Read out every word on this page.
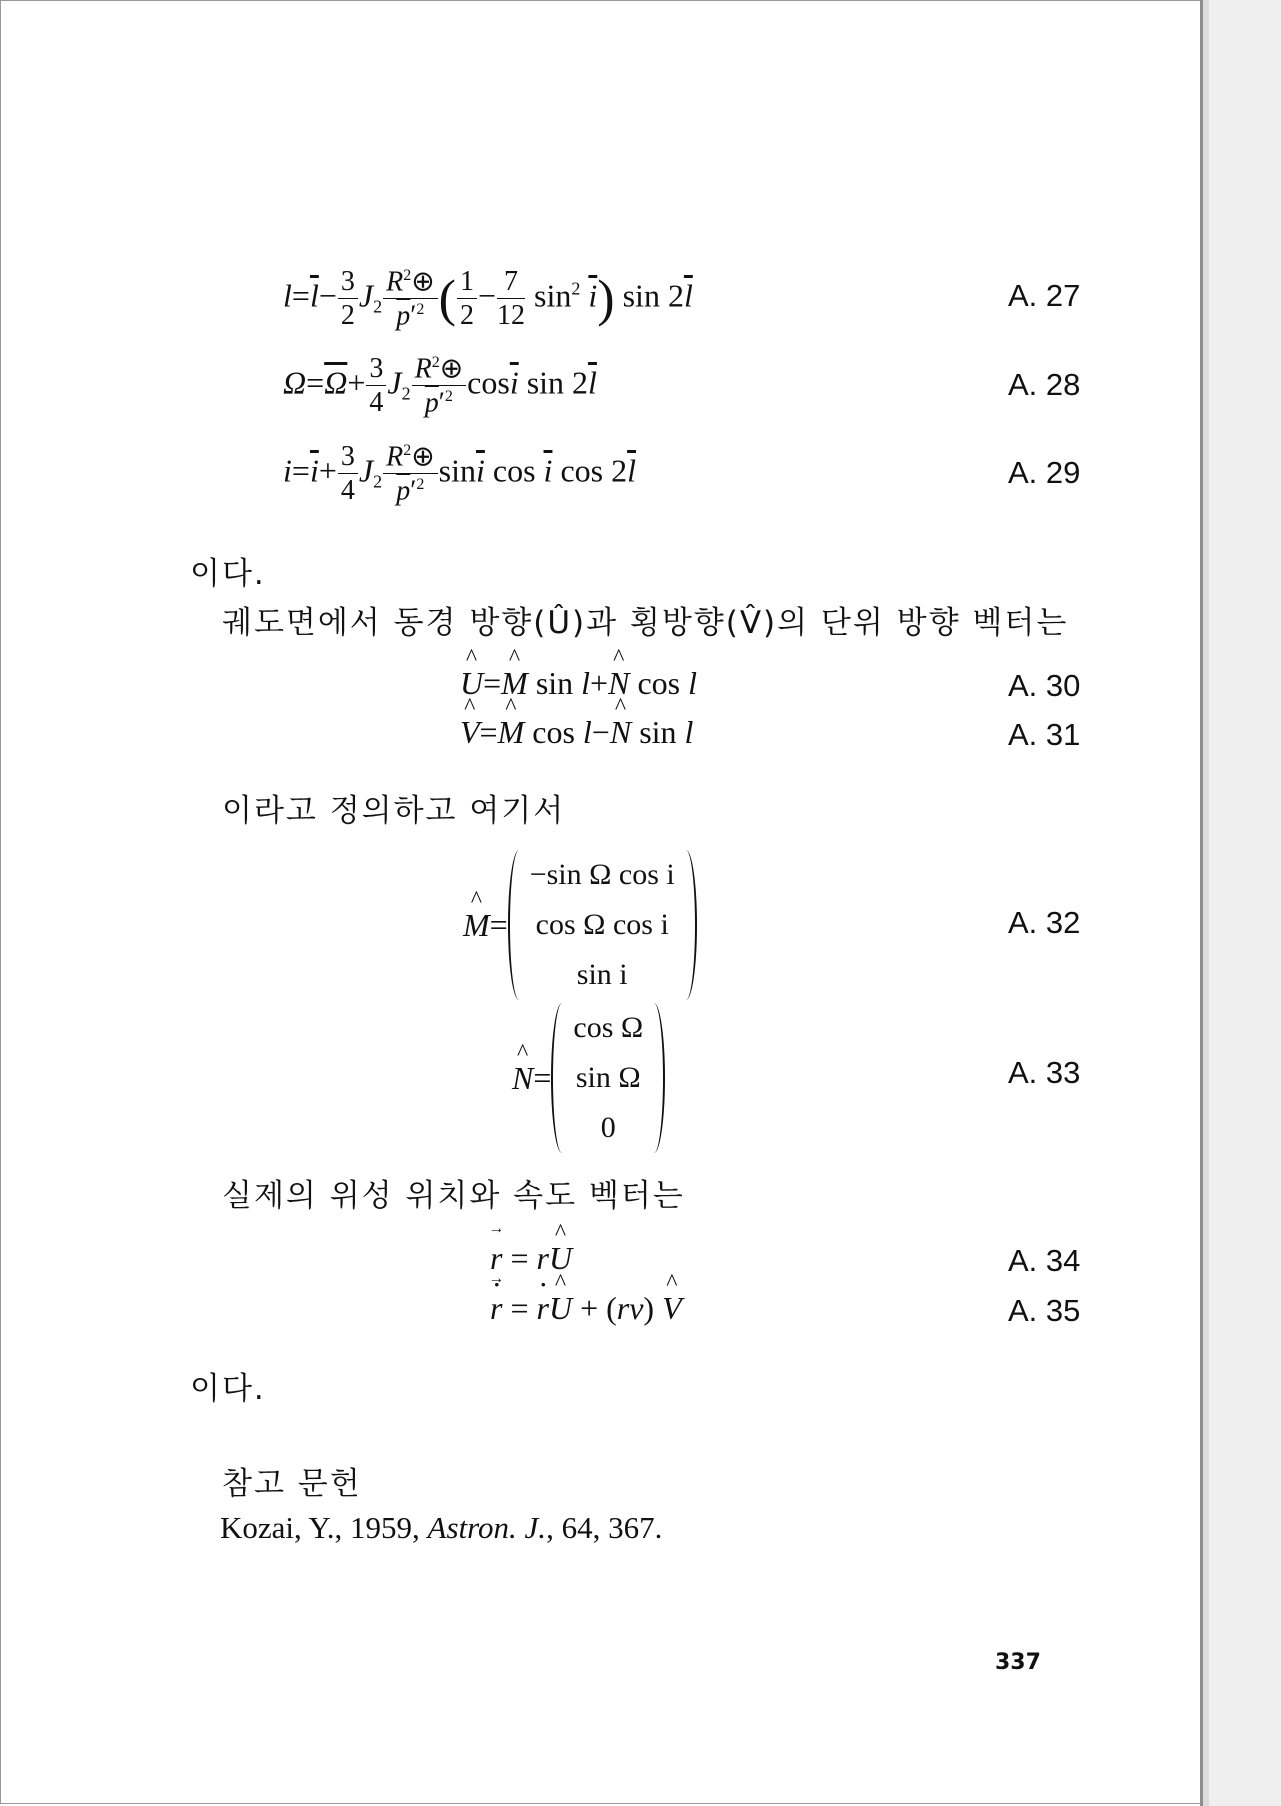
$l=\overline{l}- \frac{3}{2} J_2 \frac{R^2\oplus}{\overline{p}'^2}$ ( $\frac{1}{2} - \frac{7}{12} \sin^2 \overline{i}$) $\sin 2\overline{l}$	A. 27
$\Omega=\overline{\Omega}+ \frac{3}{4} J_2 \frac{R^2\oplus}{\overline{p}'^2} \cos\overline{i} \sin 2\overline{l}$	A. 28
$i=\overline{i}+ \frac{3}{4} J_2 \frac{R^2\oplus}{\overline{p}'^2} \sin\overline{i} \cos \overline{i}$ $\cos 2\overline{l}$	A. 29
이다.
궤도면에서 동경 방향(Û)과 횡방향(V̂)의 단위 방향 벡터는
^ U=^ M sin l+^ N cos l	A. 30
^ V=^ M cos l−^ N sin l	A. 31
이라고 정의하고 여기서
^ M=
−sin Ω cos i
cos Ω cos i
sin i
A. 32
^ N=
cos Ω
sin Ω
0
A. 33
실제의 위성 위치와 속도 벡터는
→ r = r^ U	A. 34
→ r · = r ·^ U + (rv) ^ V	A. 35
이다.
참고 문헌
Kozai, Y., 1959, Astron. J., 64, 367.
337
